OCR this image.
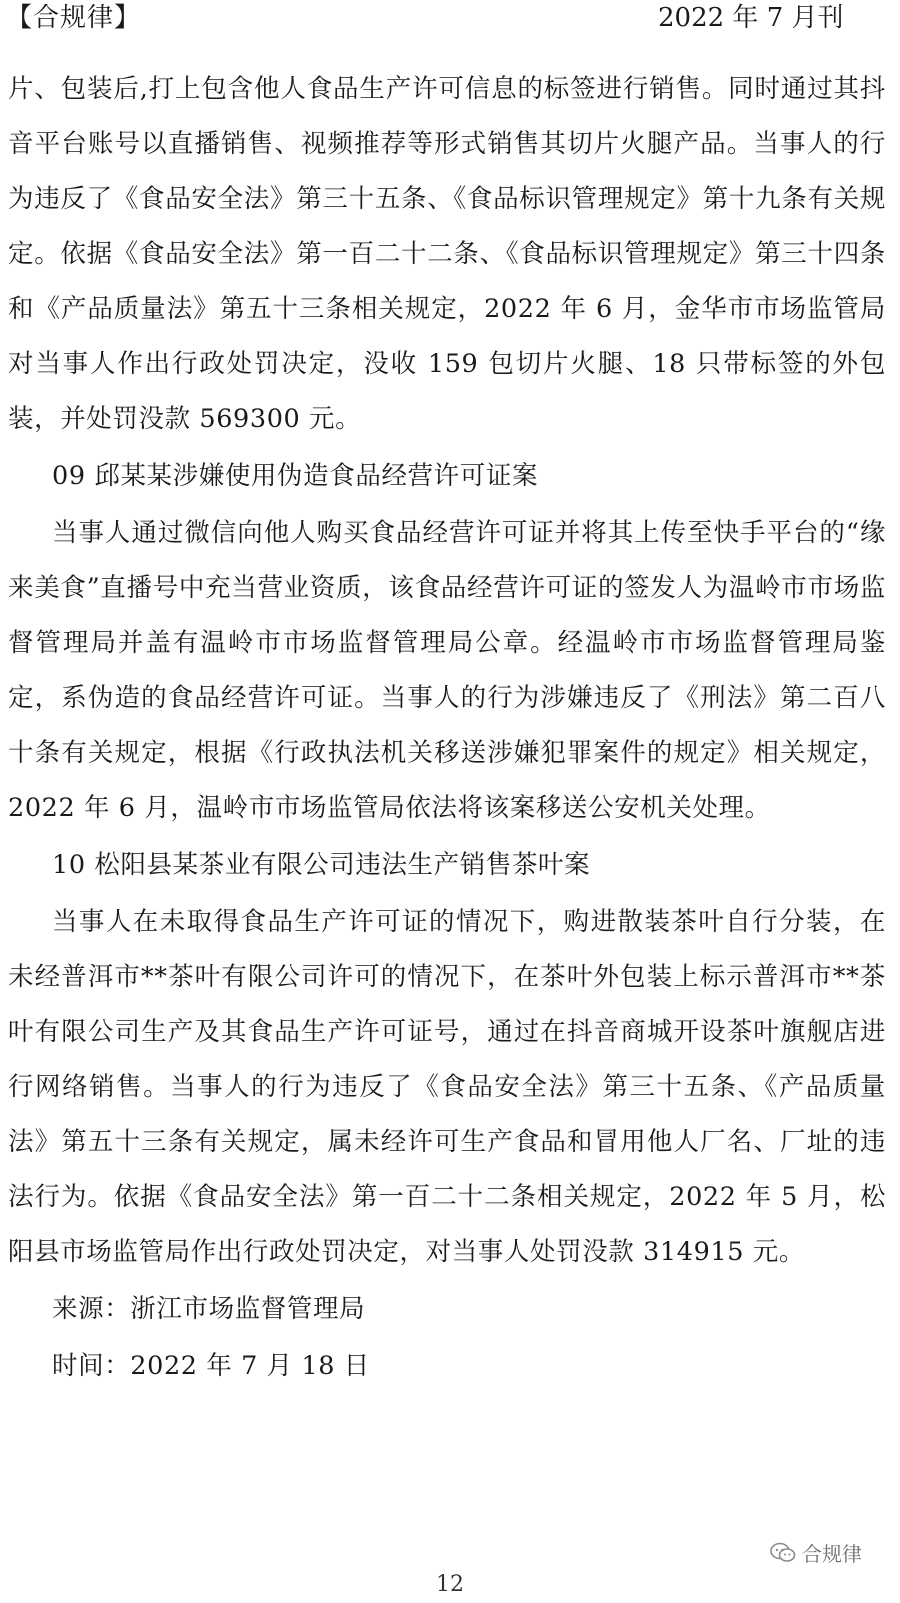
【合规律】	2022 年 7 月刊

片、包装后,打上包含他人食品生产许可信息的标签进行销售。同时通过其抖音平台账号以直播销售、视频推荐等形式销售其切片火腿产品。当事人的行为违反了《食品安全法》第三十五条、《食品标识管理规定》第十九条有关规定。依据《食品安全法》第一百二十二条、《食品标识管理规定》第三十四条和《产品质量法》第五十三条相关规定，2022 年 6 月，金华市市场监管局对当事人作出行政处罚决定，没收 159 包切片火腿、18 只带标签的外包装，并处罚没款 569300 元。

09 邱某某涉嫌使用伪造食品经营许可证案

当事人通过微信向他人购买食品经营许可证并将其上传至快手平台的“缘来美食”直播号中充当营业资质，该食品经营许可证的签发人为温岭市市场监督管理局并盖有温岭市市场监督管理局公章。经温岭市市场监督管理局鉴定，系伪造的食品经营许可证。当事人的行为涉嫌违反了《刑法》第二百八十条有关规定，根据《行政执法机关移送涉嫌犯罪案件的规定》相关规定，2022 年 6 月，温岭市市场监管局依法将该案移送公安机关处理。

10 松阳县某茶业有限公司违法生产销售茶叶案

当事人在未取得食品生产许可证的情况下，购进散装茶叶自行分装，在未经普洱市**茶叶有限公司许可的情况下，在茶叶外包装上标示普洱市**茶叶有限公司生产及其食品生产许可证号，通过在抖音商城开设茶叶旗舰店进行网络销售。当事人的行为违反了《食品安全法》第三十五条、《产品质量法》第五十三条有关规定，属未经许可生产食品和冒用他人厂名、厂址的违法行为。依据《食品安全法》第一百二十二条相关规定，2022 年 5 月，松阳县市场监管局作出行政处罚决定，对当事人处罚没款 314915 元。

来源：浙江市场监督管理局

时间：2022 年 7 月 18 日

合规律
12
